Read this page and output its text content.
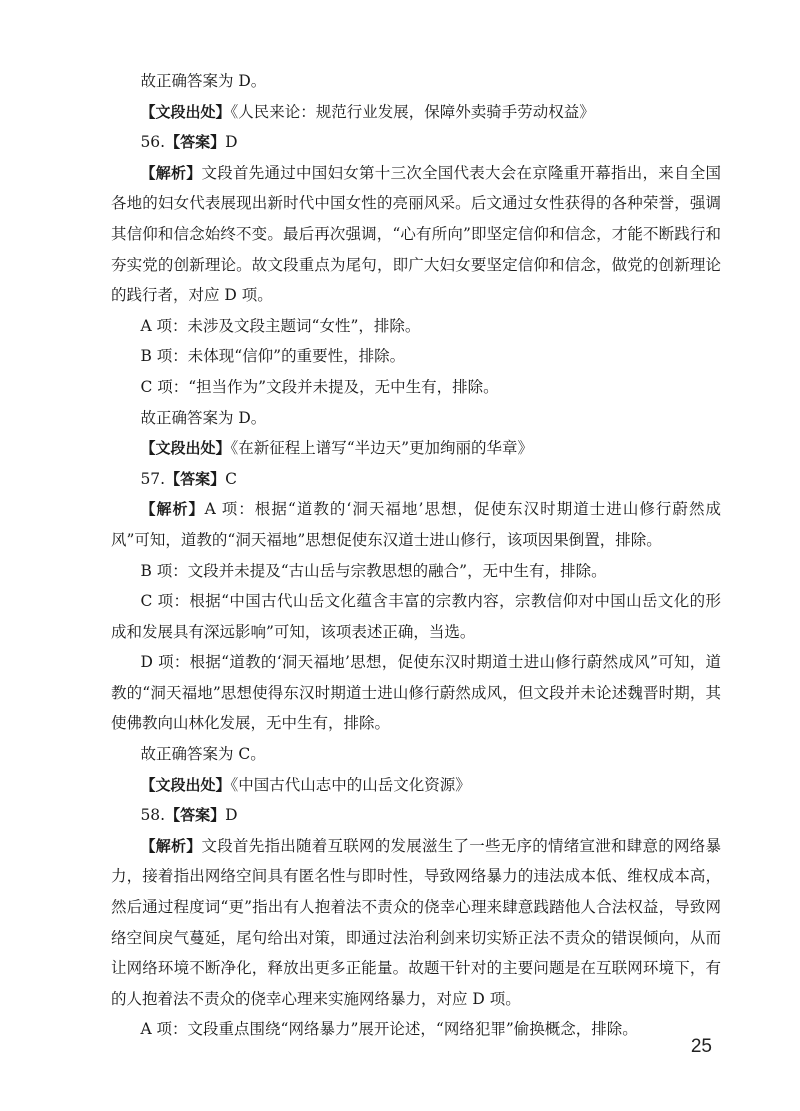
故正确答案为 D。

【文段出处】《人民来论：规范行业发展，保障外卖骑手劳动权益》

56.【答案】D

【解析】文段首先通过中国妇女第十三次全国代表大会在京隆重开幕指出，来自全国各地的妇女代表展现出新时代中国女性的亮丽风采。后文通过女性获得的各种荣誉，强调其信仰和信念始终不变。最后再次强调，“心有所向”即坚定信仰和信念，才能不断践行和夯实党的创新理论。故文段重点为尾句，即广大妇女要坚定信仰和信念，做党的创新理论的践行者，对应 D 项。

A 项：未涉及文段主题词“女性”，排除。

B 项：未体现“信仰”的重要性，排除。

C 项：“担当作为”文段并未提及，无中生有，排除。

故正确答案为 D。

【文段出处】《在新征程上谱写“半边天”更加绚丽的华章》

57.【答案】C

【解析】A 项：根据“道教的‘洞天福地’思想，促使东汉时期道士进山修行蔚然成风”可知，道教的“洞天福地”思想促使东汉道士进山修行，该项因果倒置，排除。

B 项：文段并未提及“古山岳与宗教思想的融合”，无中生有，排除。

C 项：根据“中国古代山岳文化蕴含丰富的宗教内容，宗教信仰对中国山岳文化的形成和发展具有深远影响”可知，该项表述正确，当选。

D 项：根据“道教的‘洞天福地’思想，促使东汉时期道士进山修行蔚然成风”可知，道教的“洞天福地”思想使得东汉时期道士进山修行蔚然成风，但文段并未论述魏晋时期，其使佛教向山林化发展，无中生有，排除。

故正确答案为 C。

【文段出处】《中国古代山志中的山岳文化资源》

58.【答案】D

【解析】文段首先指出随着互联网的发展滋生了一些无序的情绪宣泄和肆意的网络暴力，接着指出网络空间具有匿名性与即时性，导致网络暴力的违法成本低、维权成本高，然后通过程度词“更”指出有人抱着法不责众的侥幸心理来肆意践踏他人合法权益，导致网络空间戾气蔓延，尾句给出对策，即通过法治利剑来切实矫正法不责众的错误倾向，从而让网络环境不断净化，释放出更多正能量。故题干针对的主要问题是在互联网环境下，有的人抱着法不责众的侥幸心理来实施网络暴力，对应 D 项。

A 项：文段重点围绕“网络暴力”展开论述，“网络犯罪”偷换概念，排除。

25
